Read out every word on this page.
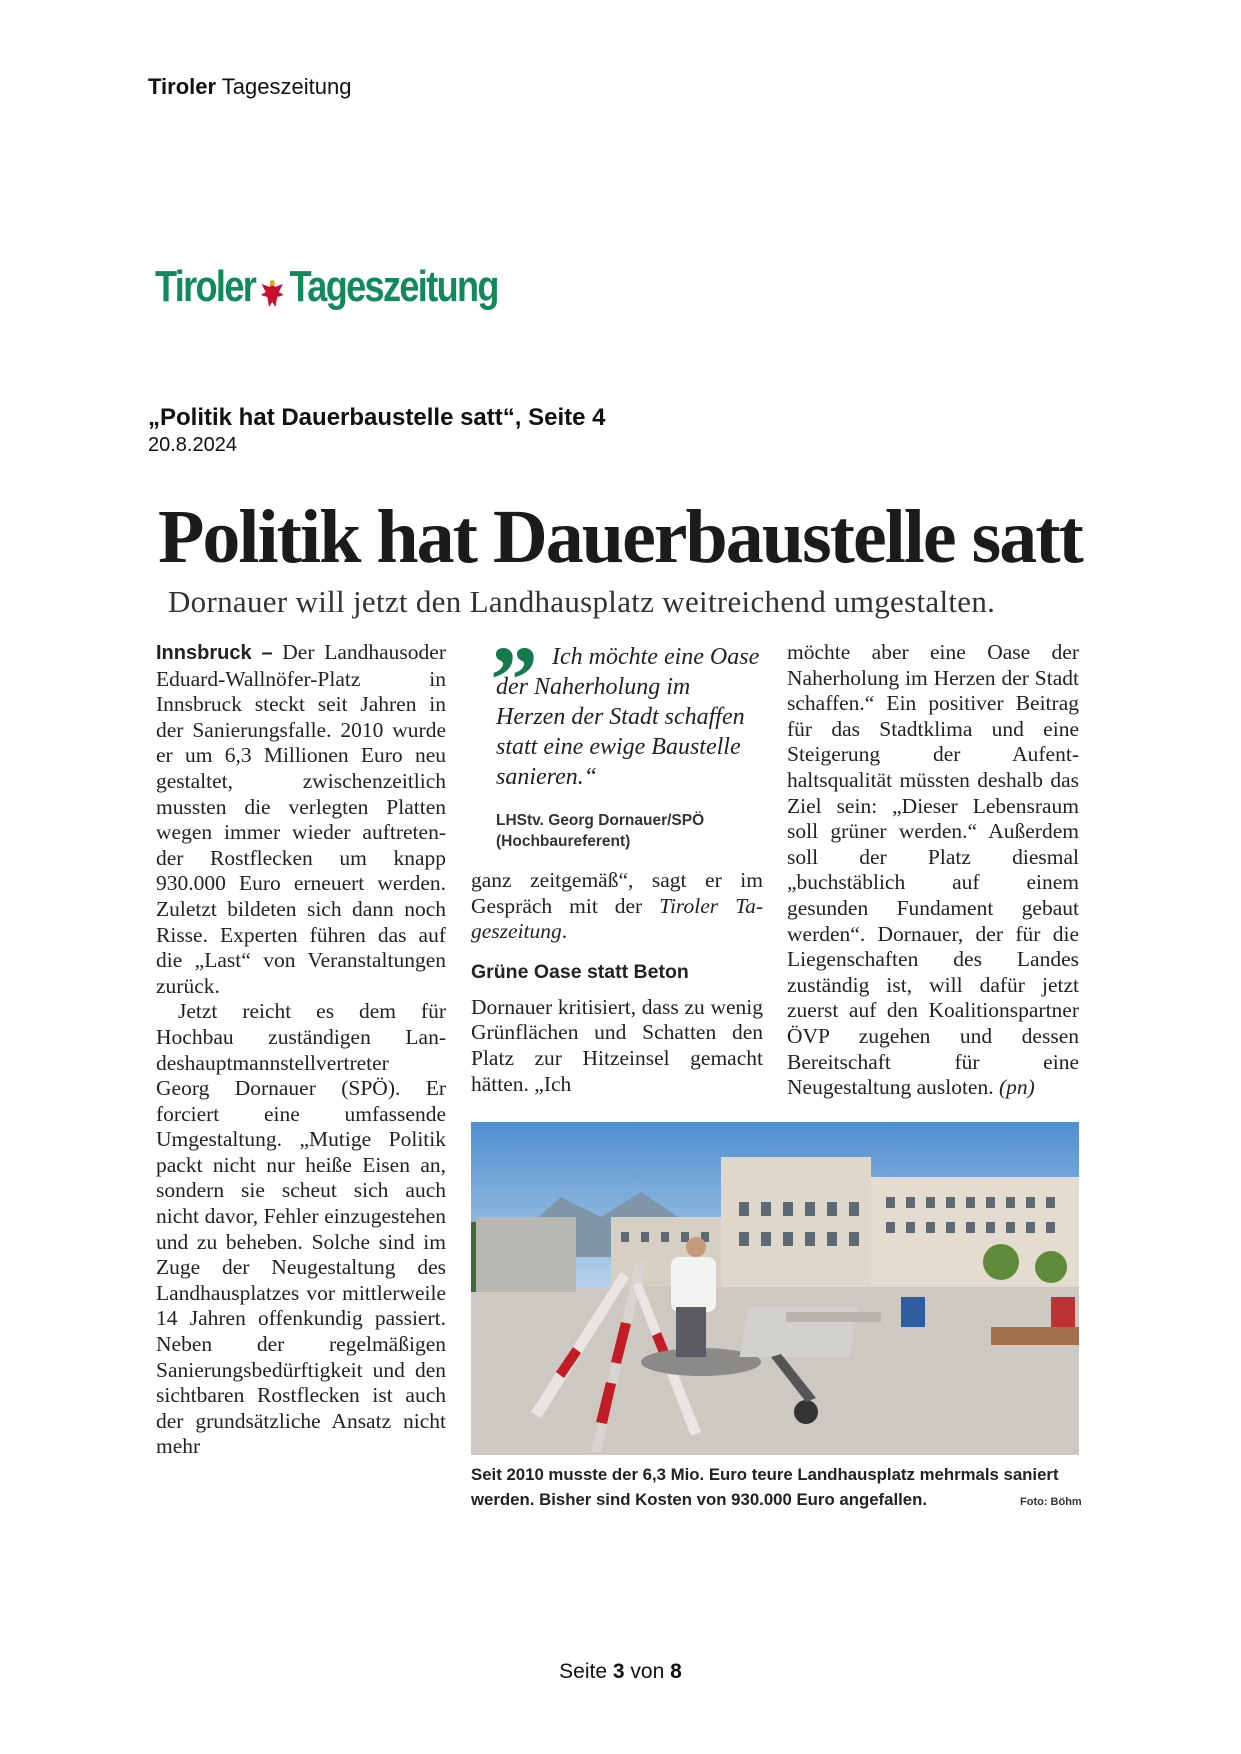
Tiroler Tageszeitung
Tiroler Tageszeitung
„Politik hat Dauerbaustelle satt“, Seite 4
20.8.2024
Politik hat Dauerbaustelle satt
Dornauer will jetzt den Landhausplatz weitreichend umgestalten.

Innsbruck – Der Landhausoder Eduard-Wallnöfer-Platz in Innsbruck steckt seit Jahren in der Sanierungsfalle. 2010 wurde er um 6,3 Millionen Euro neu gestaltet, zwischenzeitlich mussten die verlegten Platten wegen immer wieder auftretender Rostflecken um knapp 930.000 Euro erneuert werden. Zuletzt bildeten sich dann noch Risse. Experten führen das auf die „Last“ von Veranstaltungen zurück.

Jetzt reicht es dem für Hochbau zuständigen Landeshauptmannstellvertreter Georg Dornauer (SPÖ). Er forciert eine umfassende Umgestaltung. „Mutige Politik packt nicht nur heiße Eisen an, sondern sie scheut sich auch nicht davor, Fehler einzugestehen und zu beheben. Solche sind im Zuge der Neugestaltung des Landhausplatzes vor mittlerweile 14 Jahren offenkundig passiert. Neben der regelmäßigen Sanierungsbedürftigkeit und den sichtbaren Rostflecken ist auch der grundsätzliche Ansatz nicht mehr

” Ich möchte eine Oase der Naherholung im Herzen der Stadt schaffen statt eine ewige Baustelle sanieren.“
LHStv. Georg Dornauer/SPÖ
(Hochbaureferent)

ganz zeitgemäß“, sagt er im Gespräch mit der Tiroler Tageszeitung.

Dornauer kritisiert, dass zu wenig Grünflächen und Schatten den Platz zur Hitzeinsel gemacht hätten. „Ich

Grüne Oase statt Beton

möchte aber eine Oase der Naherholung im Herzen der Stadt schaffen.“ Ein positiver Beitrag für das Stadtklima und eine Steigerung der Aufenthaltsqualität müssten deshalb das Ziel sein: „Dieser Lebensraum soll grüner werden.“ Außerdem soll der Platz diesmal „buchstäblich auf einem gesunden Fundament gebaut werden“. Dornauer, der für die Liegenschaften des Landes zuständig ist, will dafür jetzt zuerst auf den Koalitionspartner ÖVP zugehen und dessen Bereitschaft für eine Neugestaltung ausloten. (pn)

Seit 2010 musste der 6,3 Mio. Euro teure Landhausplatz mehrmals saniert werden. Bisher sind Kosten von 930.000 Euro angefallen.	Foto: Böhm
Seite 3 von 8
